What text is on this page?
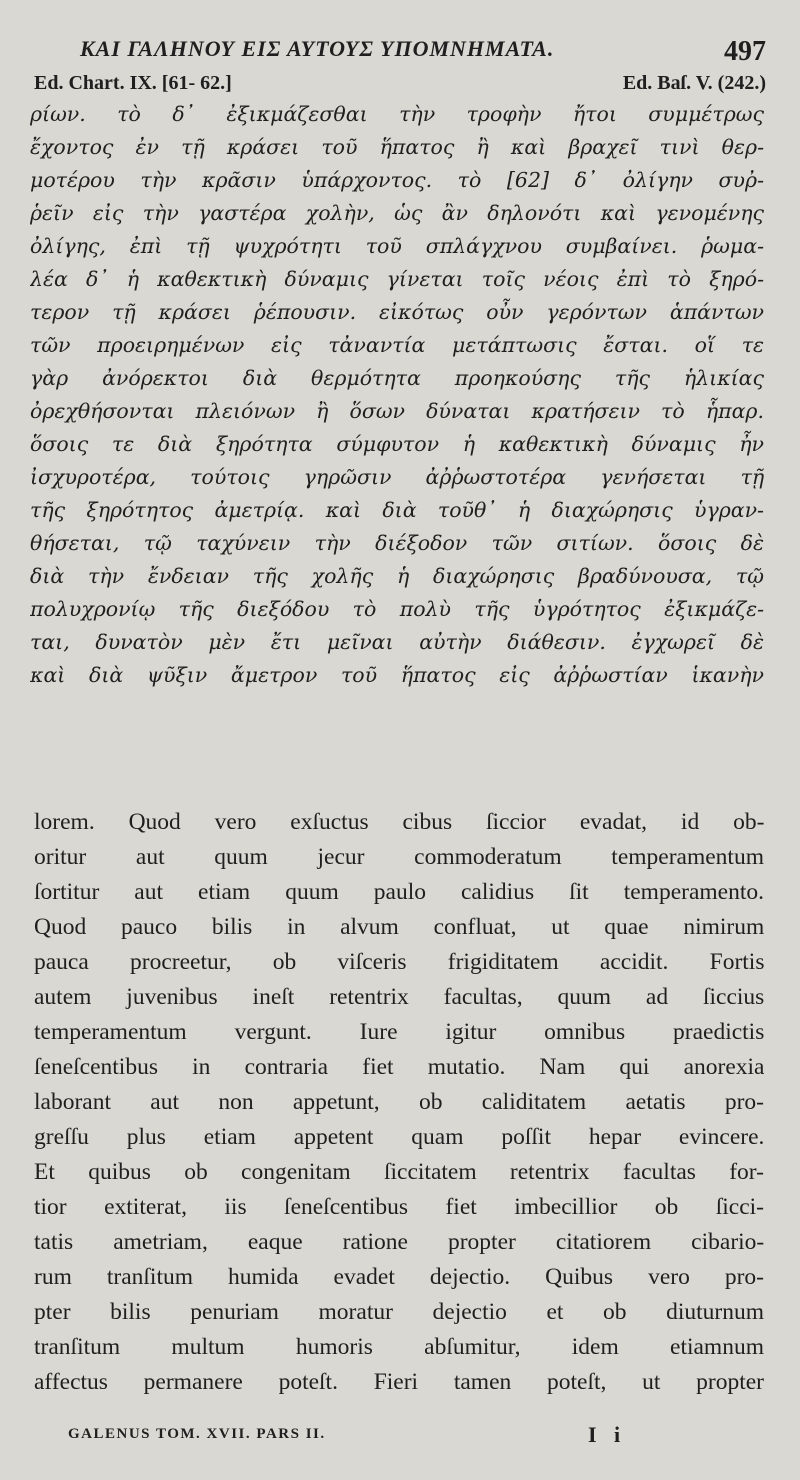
ΚΑΙ ΓΑΛΗΝΟΥ ΕΙΣ ΑΥΤΟΥΣ ΥΠΟΜΝΗΜΑΤΑ.	497
Ed. Chart. IX. [61- 62.]	Ed. Baſ. V. (242.)
ρίων. τὸ δ᾽ ἐξικμάζεσθαι τὴν τροφὴν ἤτοι συμμέτρως
ἔχοντος ἐν τῇ κράσει τοῦ ἥπατος ἢ καὶ βραχεῖ τινὶ θερ-
μοτέρου τὴν κρᾶσιν ὑπάρχοντος. τὸ [62] δ᾽ ὀλίγην συῤ-
ῥεῖν εἰς τὴν γαστέρα χολὴν, ὡς ἂν δηλονότι καὶ γενομένης
ὀλίγης, ἐπὶ τῇ ψυχρότητι τοῦ σπλάγχνου συμβαίνει. ῥωμα-
λέα δ᾽ ἡ καθεκτικὴ δύναμις γίνεται τοῖς νέοις ἐπὶ τὸ ξηρό-
τερον τῇ κράσει ῥέπουσιν. εἰκότως οὖν γερόντων ἁπάντων
τῶν προειρημένων εἰς τἀναντία μετάπτωσις ἔσται. οἵ τε
γὰρ ἀνόρεκτοι διὰ θερμότητα προηκούσης τῆς ἡλικίας
ὀρεχθήσονται πλειόνων ἢ ὅσων δύναται κρατήσειν τὸ ἧπαρ.
ὅσοις τε διὰ ξηρότητα σύμφυτον ἡ καθεκτικὴ δύναμις ἦν
ἰσχυροτέρα, τούτοις γηρῶσιν ἀῤῥωστοτέρα γενήσεται τῇ
τῆς ξηρότητος ἀμετρίᾳ. καὶ διὰ τοῦθ᾽ ἡ διαχώρησις ὑγραν-
θήσεται, τῷ ταχύνειν τὴν διέξοδον τῶν σιτίων. ὅσοις δὲ
διὰ τὴν ἔνδειαν τῆς χολῆς ἡ διαχώρησις βραδύνουσα, τῷ
πολυχρονίῳ τῆς διεξόδου τὸ πολὺ τῆς ὑγρότητος ἐξικμάζε-
ται, δυνατὸν μὲν ἔτι μεῖναι αὐτὴν διάθεσιν. ἐγχωρεῖ δὲ
καὶ διὰ ψῦξιν ἄμετρον τοῦ ἥπατος εἰς ἀῤῥωστίαν ἱκανὴν
lorem. Quod vero exſuctus cibus ſiccior evadat, id ob-
oritur aut quum jecur commoderatum temperamentum
ſortitur aut etiam quum paulo calidius ſit temperamento.
Quod pauco bilis in alvum confluat, ut quae nimirum
pauca procreetur, ob viſceris frigiditatem accidit. Fortis
autem juvenibus ineſt retentrix facultas, quum ad ſiccius
temperamentum vergunt. Iure igitur omnibus praedictis
ſeneſcentibus in contraria fiet mutatio. Nam qui anorexia
laborant aut non appetunt, ob caliditatem aetatis pro-
greſſu plus etiam appetent quam poſſit hepar evincere.
Et quibus ob congenitam ſiccitatem retentrix facultas for-
tior extiterat, iis ſeneſcentibus fiet imbecillior ob ſicci-
tatis ametriam, eaque ratione propter citatiorem cibario-
rum tranſitum humida evadet dejectio. Quibus vero pro-
pter bilis penuriam moratur dejectio et ob diuturnum
tranſitum multum humoris abſumitur, idem etiamnum
affectus permanere poteſt. Fieri tamen poteſt, ut propter
GALENUS TOM. XVII. PARS II.	I i
